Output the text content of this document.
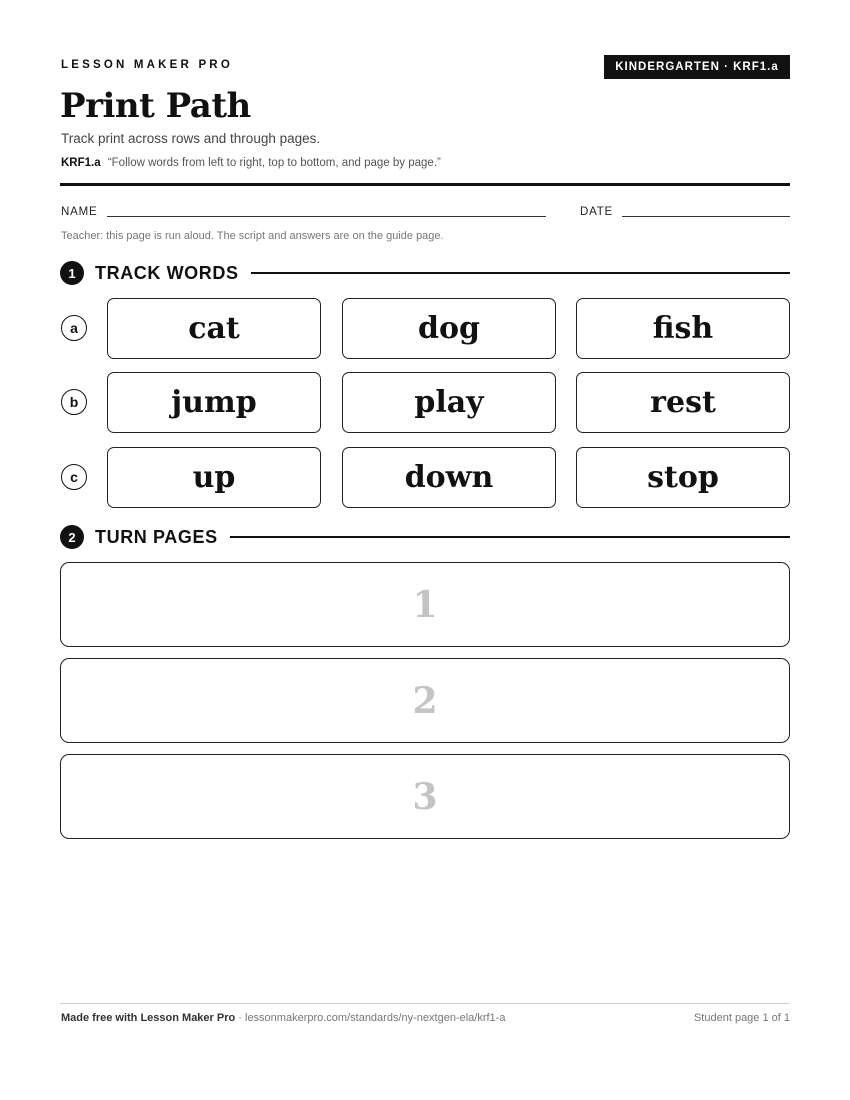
LESSON MAKER PRO	KINDERGARTEN · KRF1.a
Print Path
Track print across rows and through pages.
KRF1.a “Follow words from left to right, top to bottom, and page by page.”
NAME	DATE
Teacher: this page is run aloud. The script and answers are on the guide page.
1	TRACK WORDS
a	cat	dog	fish
b	jump	play	rest
c	up	down	stop
2	TURN PAGES
1
2
3
Made free with Lesson Maker Pro · lessonmakerpro.com/standards/ny-nextgen-ela/krf1-a	Student page 1 of 1
